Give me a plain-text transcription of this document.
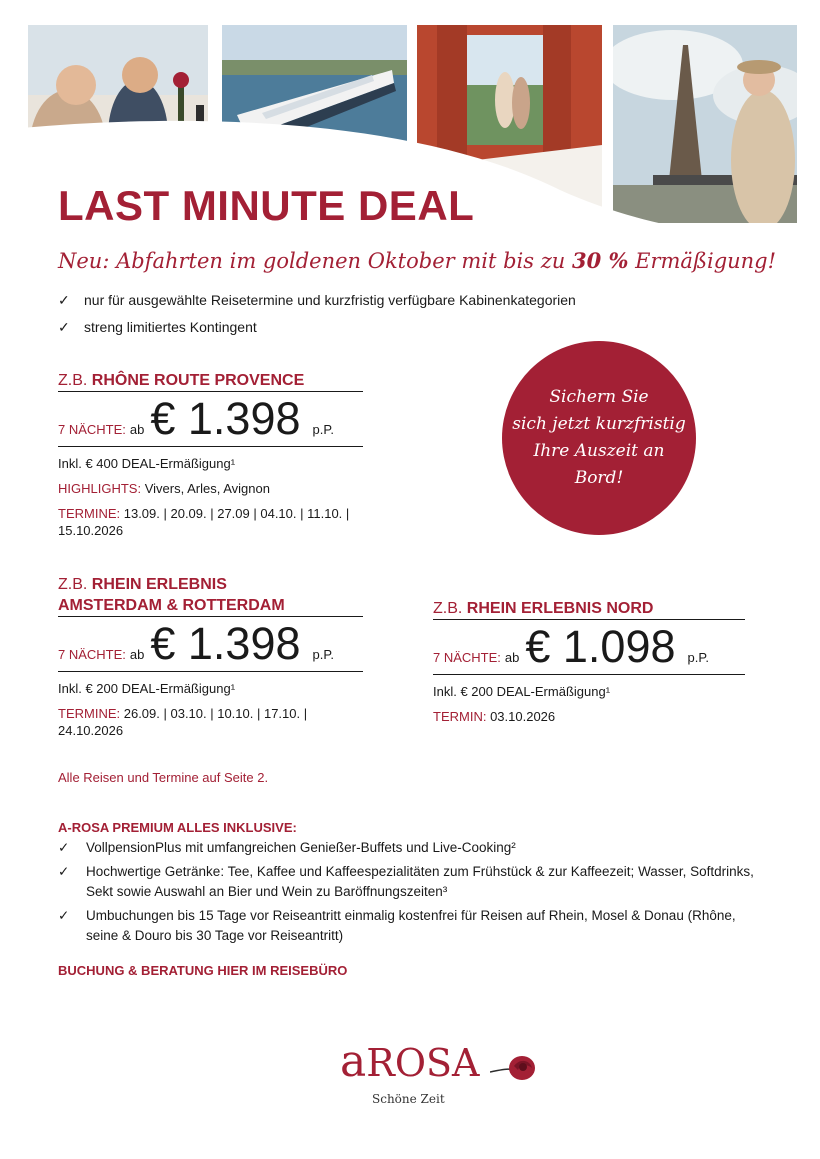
LAST MINUTE DEAL

Neu: Abfahrten im goldenen Oktober mit bis zu 30 % Ermäßigung!

✓	nur für ausgewählte Reisetermine und kurzfristig verfügbare Kabinenkategorien
✓	streng limitiertes Kontingent

Z.B. RHÔNE ROUTE PROVENCE

7 NÄCHTE: ab € 1.398 p.P.

Inkl. € 400 DEAL-Ermäßigung¹

HIGHLIGHTS: Vivers, Arles, Avignon

TERMINE: 13.09. | 20.09. | 27.09 | 04.10. | 11.10. | 15.10.2026

Sichern Sie
sich jetzt kurzfristig
Ihre Auszeit an
Bord!

Z.B. RHEIN ERLEBNIS
AMSTERDAM & ROTTERDAM

7 NÄCHTE: ab € 1.398 p.P.

Inkl. € 200 DEAL-Ermäßigung¹

TERMINE: 26.09. | 03.10. | 10.10. | 17.10. | 24.10.2026

Z.B. RHEIN ERLEBNIS NORD

7 NÄCHTE: ab € 1.098 p.P.

Inkl. € 200 DEAL-Ermäßigung¹

TERMIN: 03.10.2026

Alle Reisen und Termine auf Seite 2.

A-ROSA PREMIUM ALLES INKLUSIVE:

✓	VollpensionPlus mit umfangreichen Genießer-Buffets und Live-Cooking²
✓	Hochwertige Getränke: Tee, Kaffee und Kaffeespezialitäten zum Frühstück & zur Kaffeezeit; Wasser, Softdrinks, Sekt sowie Auswahl an Bier und Wein zu Baröffnungszeiten³
✓	Umbuchungen bis 15 Tage vor Reiseantritt einmalig kostenfrei für Reisen auf Rhein, Mosel & Donau (Rhône, seine & Douro bis 30 Tage vor Reiseantritt)

BUCHUNG & BERATUNG HIER IM REISEBÜRO

aROSA
Schöne Zeit
